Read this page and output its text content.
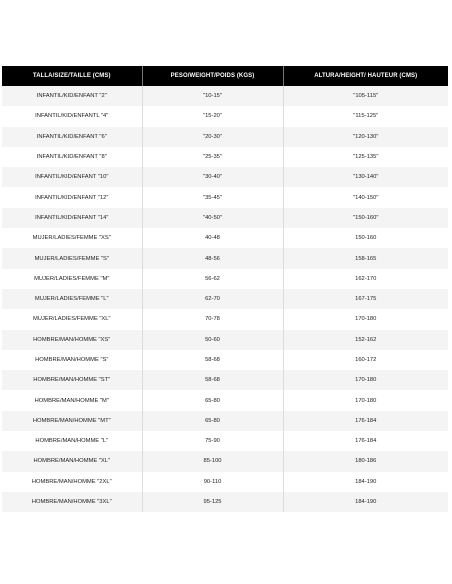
TALLA/SIZE/TAILLE (CMS)	PESO/WEIGHT/POIDS (KGS)	ALTURA/HEIGHT/ HAUTEUR (CMS)
INFANTIL/KID/ENFANT "2"	"10-15"	"105-115"
INFANTIL/KID/ENFANTL "4"	"15-20"	"115-125"
INFANTIL/KID/ENFANT "6"	"20-30"	"120-130"
INFANTIL/KID/ENFANT "8"	"25-35"	"125-135"
INFANTIL/KID/ENFANT "10"	"30-40"	"130-140"
INFANTIL/KID/ENFANT "12"	"35-45"	"140-150"
INFANTIL/KID/ENFANT "14"	"40-50"	"150-160"
MUJER/LADIES/FEMME "XS"	40-48	150-160
MUJER/LADIES/FEMME "S"	48-56	158-165
MUJER/LADIES/FEMME "M"	56-62	162-170
MUJER/LADIES/FEMME "L"	62-70	167-175
MUJER/LADIES/FEMME "XL"	70-78	170-180
HOMBRE/MAN/HOMME "XS"	50-60	152-162
HOMBRE/MAN/HOMME "S"	58-68	160-172
HOMBRE/MAN/HOMME "ST"	58-68	170-180
HOMBRE/MAN/HOMME "M"	65-80	170-180
HOMBRE/MAN/HOMME "MT"	65-80	176-184
HOMBRE/MAN/HOMME "L"	75-90	176-184
HOMBRE/MAN/HOMME "XL"	85-100	180-186
HOMBRE/MAN/HOMME "2XL"	90-110	184-190
HOMBRE/MAN/HOMME "3XL"	95-125	184-190
